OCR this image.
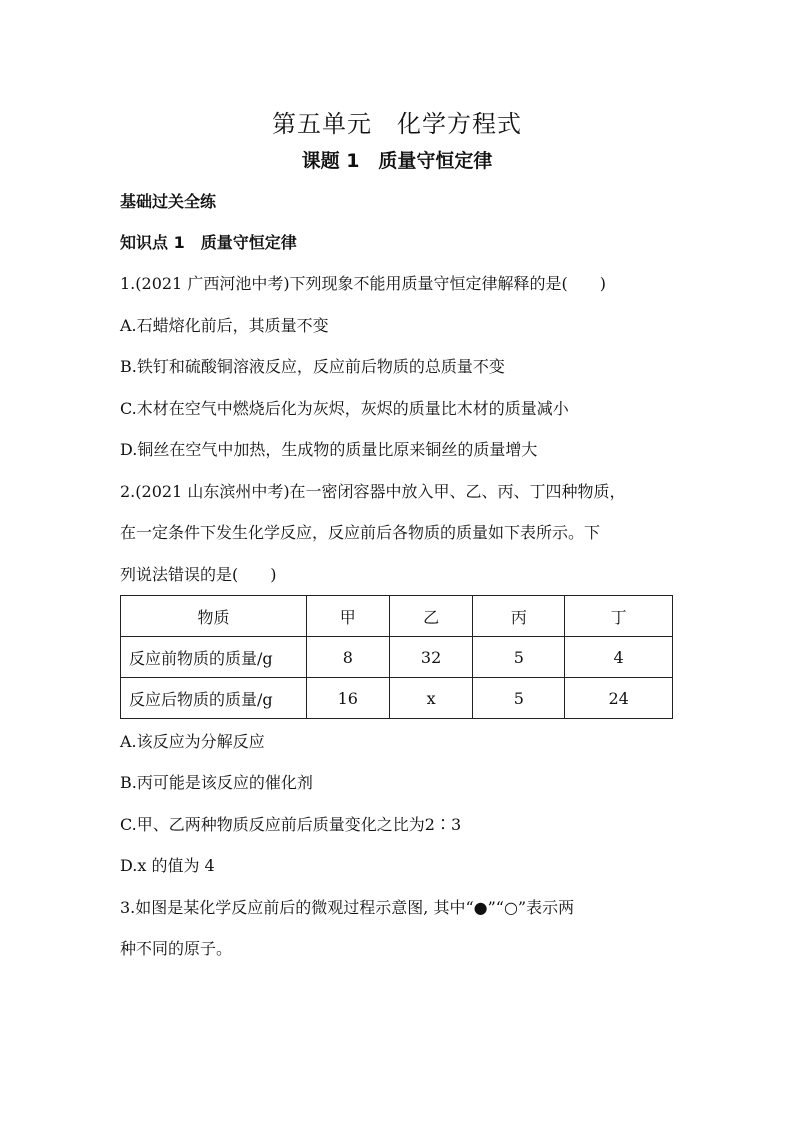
第五单元　化学方程式
课题 1　质量守恒定律
基础过关全练
知识点 1　质量守恒定律
1.(2021 广西河池中考)下列现象不能用质量守恒定律解释的是(　　)
A.石蜡熔化前后，其质量不变
B.铁钉和硫酸铜溶液反应，反应前后物质的总质量不变
C.木材在空气中燃烧后化为灰烬，灰烬的质量比木材的质量减小
D.铜丝在空气中加热，生成物的质量比原来铜丝的质量增大
2.(2021 山东滨州中考)在一密闭容器中放入甲、乙、丙、丁四种物质，
在一定条件下发生化学反应，反应前后各物质的质量如下表所示。下
列说法错误的是(　　)
物质	甲	乙	丙	丁
反应前物质的质量/g	8	32	5	4
反应后物质的质量/g	16	x	5	24
A.该反应为分解反应
B.丙可能是该反应的催化剂
C.甲、乙两种物质反应前后质量变化之比为2∶3
D.x 的值为 4
3.如图是某化学反应前后的微观过程示意图, 其中“●”“○”表示两
种不同的原子。
